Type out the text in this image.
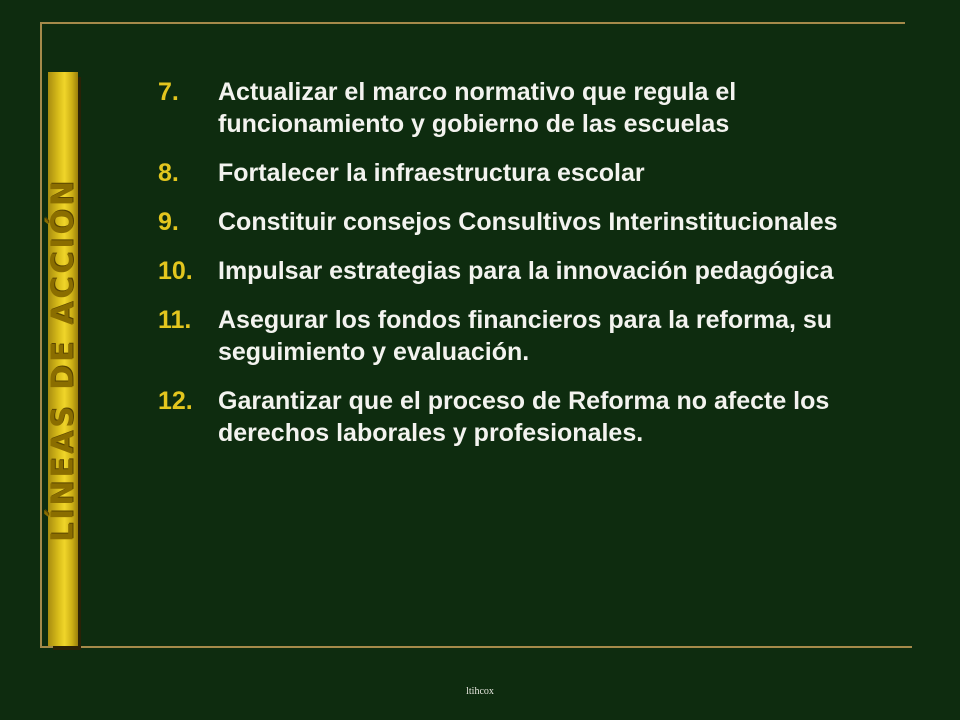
LÍNEAS DE ACCIÓN
7.	Actualizar el marco normativo que regula el funcionamiento y gobierno de las escuelas
8.	Fortalecer la infraestructura escolar
9.	Constituir consejos Consultivos Interinstitucionales
10.	Impulsar estrategias para la innovación pedagógica
11.	Asegurar los fondos financieros para la reforma, su seguimiento y evaluación.
12.	Garantizar que el proceso de Reforma no afecte los derechos laborales y profesionales.
ltihcox
